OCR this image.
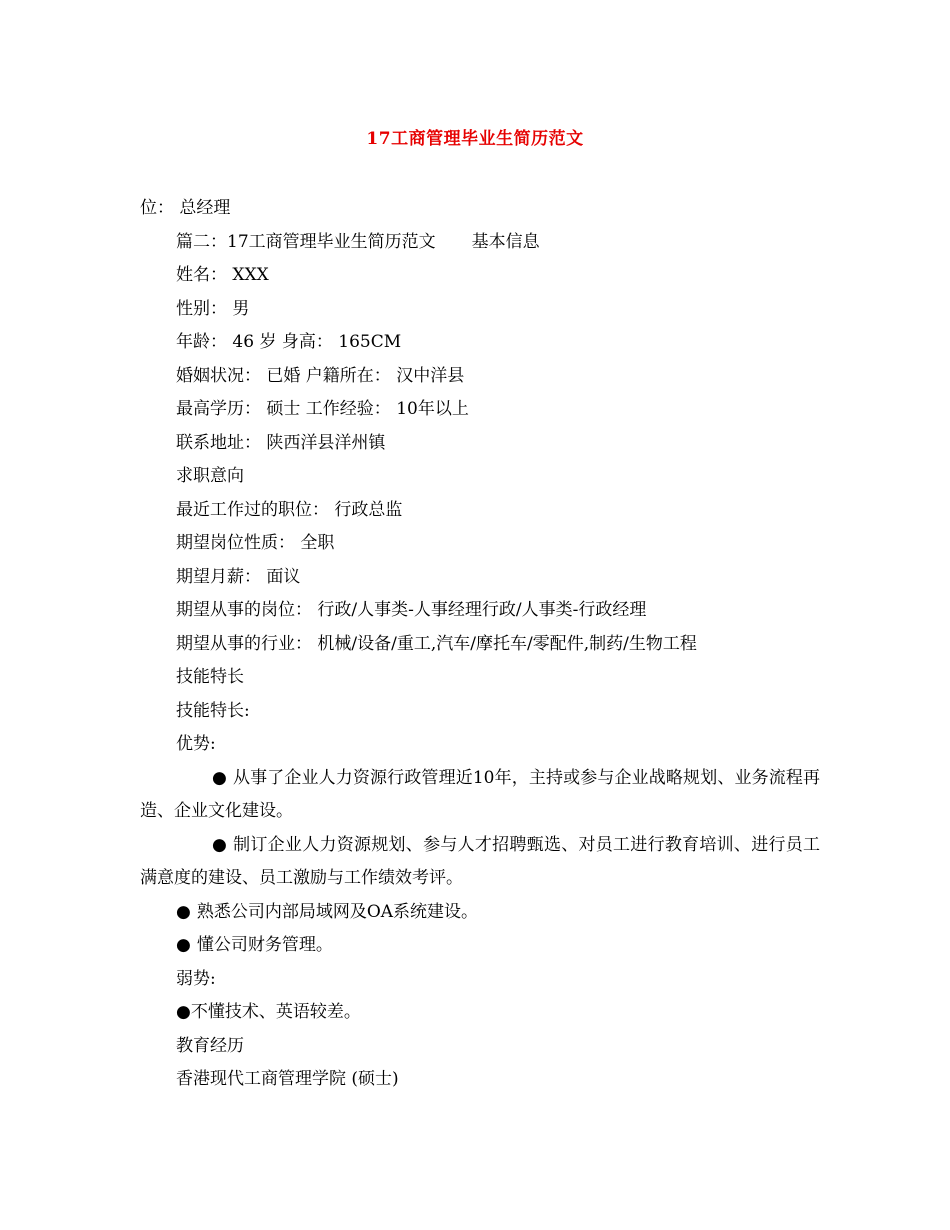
17工商管理毕业生简历范文
位： 总经理
篇二：17工商管理毕业生简历范文 基本信息
姓名： XXX
性别： 男
年龄： 46 岁 身高： 165CM
婚姻状况： 已婚 户籍所在： 汉中洋县
最高学历： 硕士 工作经验： 10年以上
联系地址： 陕西洋县洋州镇
求职意向
最近工作过的职位： 行政总监
期望岗位性质： 全职
期望月薪： 面议
期望从事的岗位： 行政/人事类-人事经理行政/人事类-行政经理
期望从事的行业： 机械/设备/重工,汽车/摩托车/零配件,制药/生物工程
技能特长
技能特长:
优势:
● 从事了企业人力资源行政管理近10年，主持或参与企业战略规划、业务流程再造、企业文化建设。
● 制订企业人力资源规划、参与人才招聘甄选、对员工进行教育培训、进行员工满意度的建设、员工激励与工作绩效考评。
● 熟悉公司内部局域网及OA系统建设。
● 懂公司财务管理。
弱势:
●不懂技术、英语较差。
教育经历
香港现代工商管理学院 (硕士)
